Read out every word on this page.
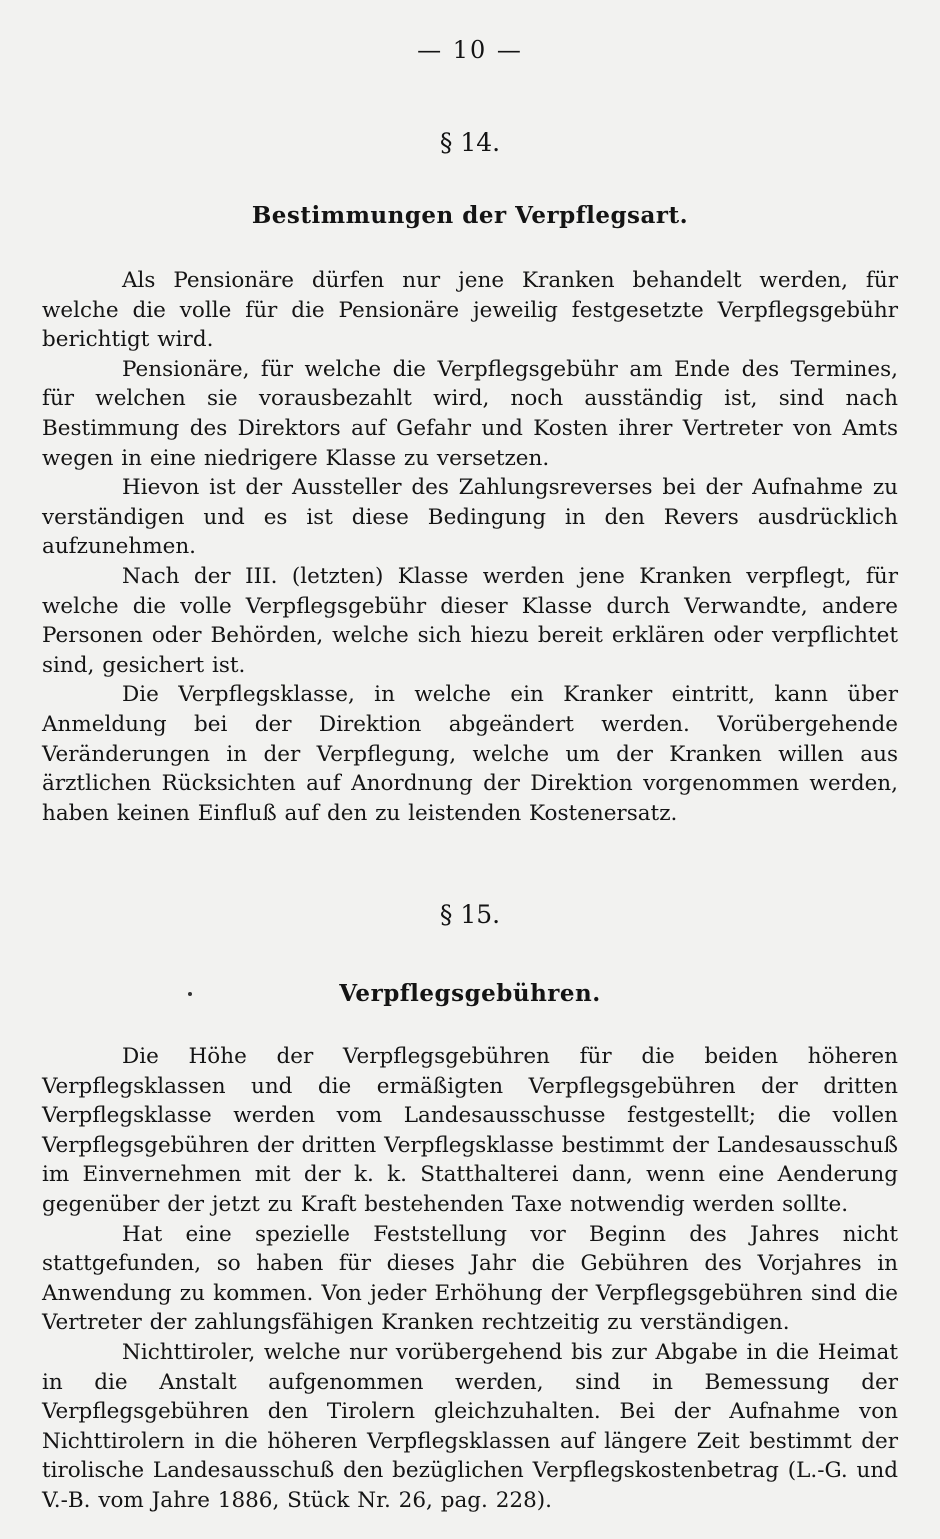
— 10 —
§ 14.
Bestimmungen der Verpflegsart.

Als Pensionäre dürfen nur jene Kranken behandelt werden, für welche die volle für die Pensionäre jeweilig festgesetzte Verpflegsgebühr berichtigt wird.

Pensionäre, für welche die Verpflegsgebühr am Ende des Termines, für welchen sie vorausbezahlt wird, noch ausständig ist, sind nach Bestimmung des Direktors auf Gefahr und Kosten ihrer Vertreter von Amts wegen in eine niedrigere Klasse zu versetzen.

Hievon ist der Aussteller des Zahlungsreverses bei der Aufnahme zu verständigen und es ist diese Bedingung in den Revers ausdrücklich aufzunehmen.

Nach der III. (letzten) Klasse werden jene Kranken verpflegt, für welche die volle Verpflegsgebühr dieser Klasse durch Verwandte, andere Personen oder Behörden, welche sich hiezu bereit erklären oder verpflichtet sind, gesichert ist.

Die Verpflegsklasse, in welche ein Kranker eintritt, kann über Anmeldung bei der Direktion abgeändert werden. Vorübergehende Veränderungen in der Verpflegung, welche um der Kranken willen aus ärztlichen Rücksichten auf Anordnung der Direktion vorgenommen werden, haben keinen Einfluß auf den zu leistenden Kostenersatz.

§ 15.
Verpflegsgebühren.

Die Höhe der Verpflegsgebühren für die beiden höheren Verpflegsklassen und die ermäßigten Verpflegsgebühren der dritten Verpflegsklasse werden vom Landesausschusse festgestellt; die vollen Verpflegsgebühren der dritten Verpflegsklasse bestimmt der Landesausschuß im Einvernehmen mit der k. k. Statthalterei dann, wenn eine Aenderung gegenüber der jetzt zu Kraft bestehenden Taxe notwendig werden sollte.

Hat eine spezielle Feststellung vor Beginn des Jahres nicht stattgefunden, so haben für dieses Jahr die Gebühren des Vorjahres in Anwendung zu kommen. Von jeder Erhöhung der Verpflegsgebühren sind die Vertreter der zahlungsfähigen Kranken rechtzeitig zu verständigen.

Nichttiroler, welche nur vorübergehend bis zur Abgabe in die Heimat in die Anstalt aufgenommen werden, sind in Bemessung der Verpflegsgebühren den Tirolern gleichzuhalten. Bei der Aufnahme von Nichttirolern in die höheren Verpflegsklassen auf längere Zeit bestimmt der tirolische Landesausschuß den bezüglichen Verpflegskostenbetrag (L.-G. und V.-B. vom Jahre 1886, Stück Nr. 26, pag. 228).
